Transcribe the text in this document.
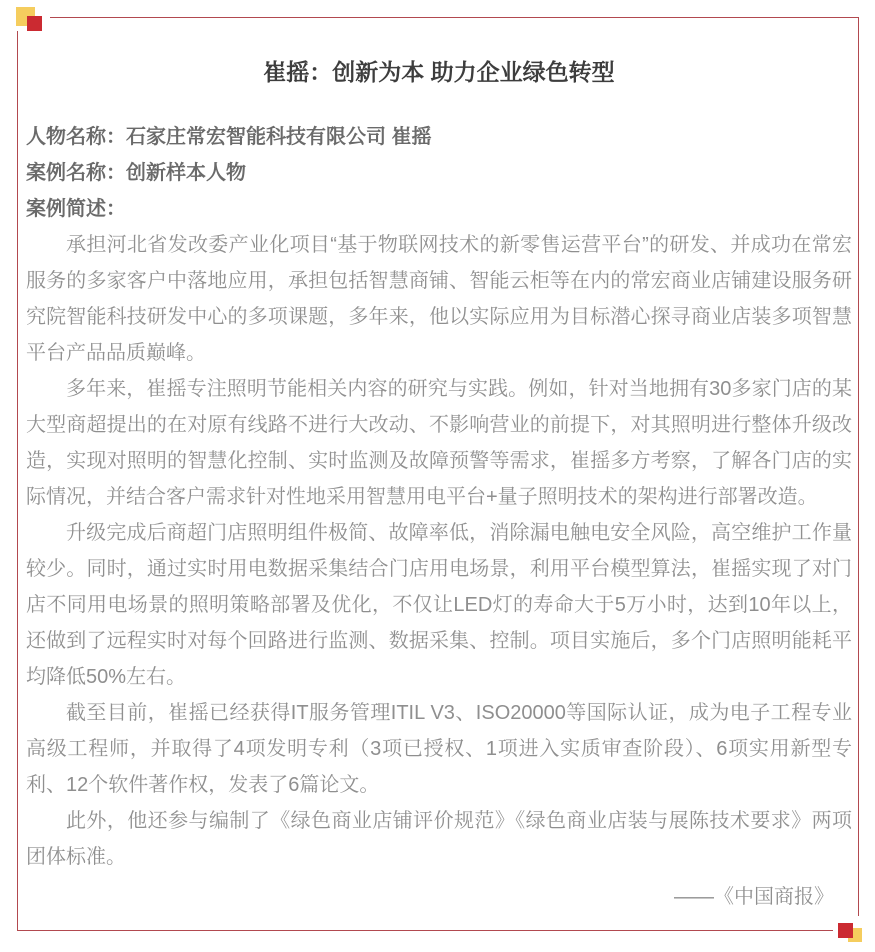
崔摇：创新为本 助力企业绿色转型
人物名称：石家庄常宏智能科技有限公司 崔摇
案例名称：创新样本人物
案例简述：

承担河北省发改委产业化项目“基于物联网技术的新零售运营平台”的研发、并成功在常宏服务的多家客户中落地应用，承担包括智慧商铺、智能云柜等在内的常宏商业店铺建设服务研究院智能科技研发中心的多项课题，多年来，他以实际应用为目标潜心探寻商业店装多项智慧平台产品品质巅峰。

多年来，崔摇专注照明节能相关内容的研究与实践。例如，针对当地拥有30多家门店的某大型商超提出的在对原有线路不进行大改动、不影响营业的前提下，对其照明进行整体升级改造，实现对照明的智慧化控制、实时监测及故障预警等需求，崔摇多方考察，了解各门店的实际情况，并结合客户需求针对性地采用智慧用电平台+量子照明技术的架构进行部署改造。

升级完成后商超门店照明组件极简、故障率低，消除漏电触电安全风险，高空维护工作量较少。同时，通过实时用电数据采集结合门店用电场景，利用平台模型算法，崔摇实现了对门店不同用电场景的照明策略部署及优化，不仅让LED灯的寿命大于5万小时，达到10年以上，还做到了远程实时对每个回路进行监测、数据采集、控制。项目实施后，多个门店照明能耗平均降低50%左右。

截至目前，崔摇已经获得IT服务管理ITIL V3、ISO20000等国际认证，成为电子工程专业高级工程师，并取得了4项发明专利（3项已授权、1项进入实质审查阶段）、6项实用新型专利、12个软件著作权，发表了6篇论文。

此外，他还参与编制了《绿色商业店铺评价规范》《绿色商业店装与展陈技术要求》两项团体标准。

——《中国商报》
